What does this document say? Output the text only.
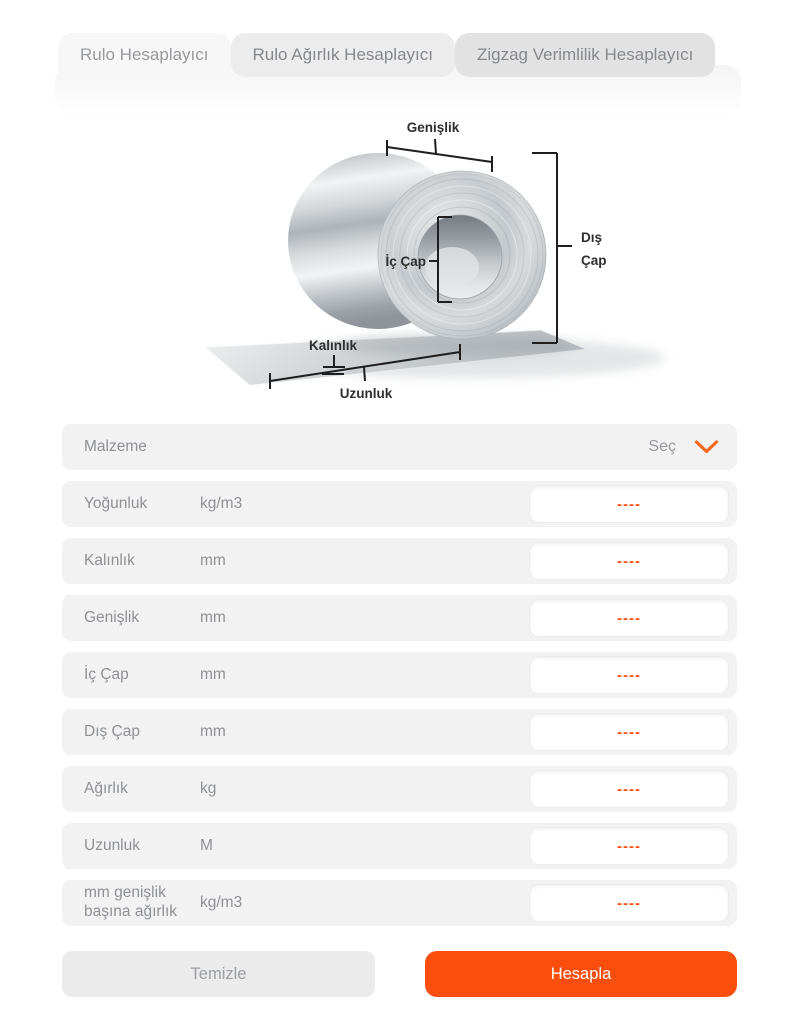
Rulo Hesaplayıcı	Rulo Ağırlık Hesaplayıcı	Zigzag Verimlilik Hesaplayıcı
Genişlik
İç Çap
Dış
Çap
Kalınlık
Uzunluk
Malzeme	Seç
Yoğunluk	kg/m3
----
Kalınlık	mm
----
Genişlik	mm
----
İç Çap	mm
----
Dış Çap	mm
----
Ağırlık	kg
----
Uzunluk	M
----
mm genişlik başına ağırlık
kg/m3
----
Temizle	Hesapla
